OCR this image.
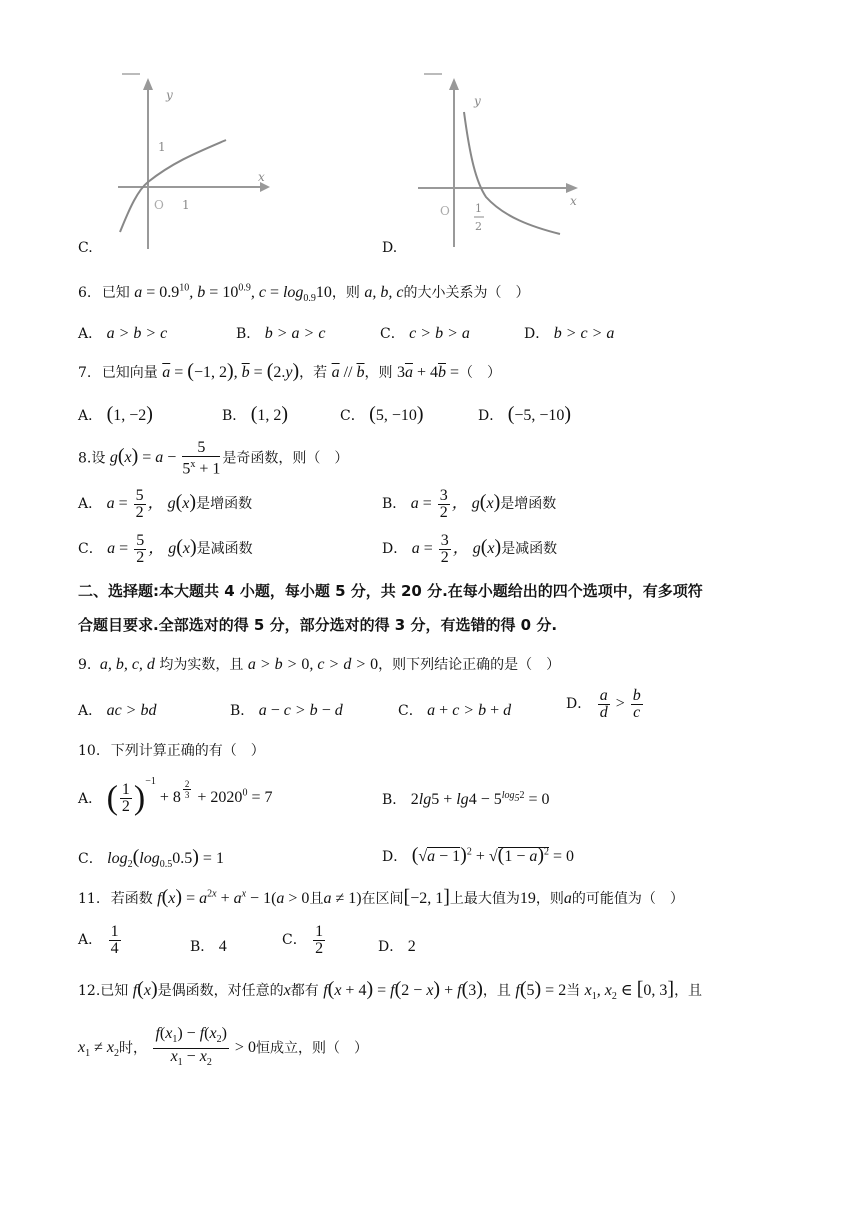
y
x
1
O 1
C.
y
x
O 1
2
D.
6. 已知 $a = 0.9^{10}$, $b = 10^{0.9}$, $c = \log_{0.9}10$，则 a, b, c的大小关系为（　）
A． a > b > c	B． b > a > c	C． c > b > a	D． b > c > a
7. 已知向量 $\overline{a} = (-1$, 2), $\overline{b} = (2.y)$，若 $\overline{a} // \overline{b}$，则 $3\overline{a} + 4\overline{b}$ =（　）
A． (1, −2)	B． (1, 2)	C． (5, −10)	D． (−5, −10)
8.设 $g(x) = a - \frac{5}{5^x + 1}$ 是奇函数，则（　）
A． $a = \frac{5}{2}$ ， g(x)是增函数	B． $a = \frac{3}{2}$ ， g(x)是增函数
C． $a = \frac{5}{2}$ ， g(x)是减函数	D． $a = \frac{3}{2}$ ， g(x)是减函数
二、选择题:本大题共 4 小题，每小题 5 分，共 20 分.在每小题给出的四个选项中，有多项符
合题目要求.全部选对的得 5 分，部分选对的得 3 分，有选错的得 0 分.
9. a, b, c, d 均为实数，且 a > b > 0, c > d > 0，则下列结论正确的是（　）
A． ac > bd	B． a − c > b − d	C． a + c > b + d	D． $\frac{a}{d} > \frac{b}{c}$
10. 下列计算正确的有（　）
A． ( $\frac{1}{2} )^{-1} + 8$ $^{\frac{2}{3}} + 2020^0 = 7$	B． $2\lg 5 + \lg 4 - 5^{log_52} = 0$
C． $\log_2(\log_{0.5}0.5) = 1$	D． $(√a - 1)^2 + √(1 - a)^2 = 0$
11. 若函数 $f(x) = a^{2x} + a^x - 1(a > 0$且a ≠ 1)在区间[−2, 1]上最大值为19，则a的可能值为（　）
A． $\frac{1}{4}$	B． 4	C． $\frac{1}{2}$	D． 2
12.已知 f(x)是偶函数，对任意的x都有 f(x + 4) = f(2 − x) + f(3)，且 f(5) = 2当 $x_1$, $x_2$ ∈ [0, 3]，且
$x_1 \ne x_2$时， $\frac{f(x_1) - f(x_2)}{x_1 - x_2} > 0$恒成立，则（　）
